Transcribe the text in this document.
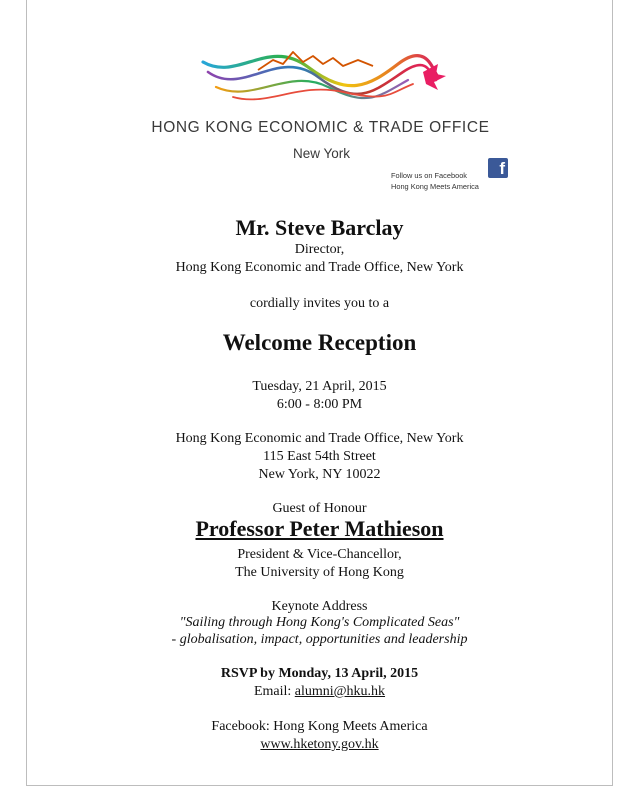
HONG KONG ECONOMIC & TRADE OFFICE
New York
Follow us on Facebook
Hong Kong Meets America
f
Mr. Steve Barclay
Director,
Hong Kong Economic and Trade Office, New York
cordially invites you to a
Welcome Reception
Tuesday, 21 April, 2015
6:00 - 8:00 PM
Hong Kong Economic and Trade Office, New York
115 East 54th Street
New York, NY 10022
Guest of Honour
Professor Peter Mathieson
President & Vice-Chancellor,
The University of Hong Kong
Keynote Address
"Sailing through Hong Kong's Complicated Seas"
- globalisation, impact, opportunities and leadership
RSVP by Monday, 13 April, 2015
Email: alumni@hku.hk
Facebook: Hong Kong Meets America
www.hketony.gov.hk
